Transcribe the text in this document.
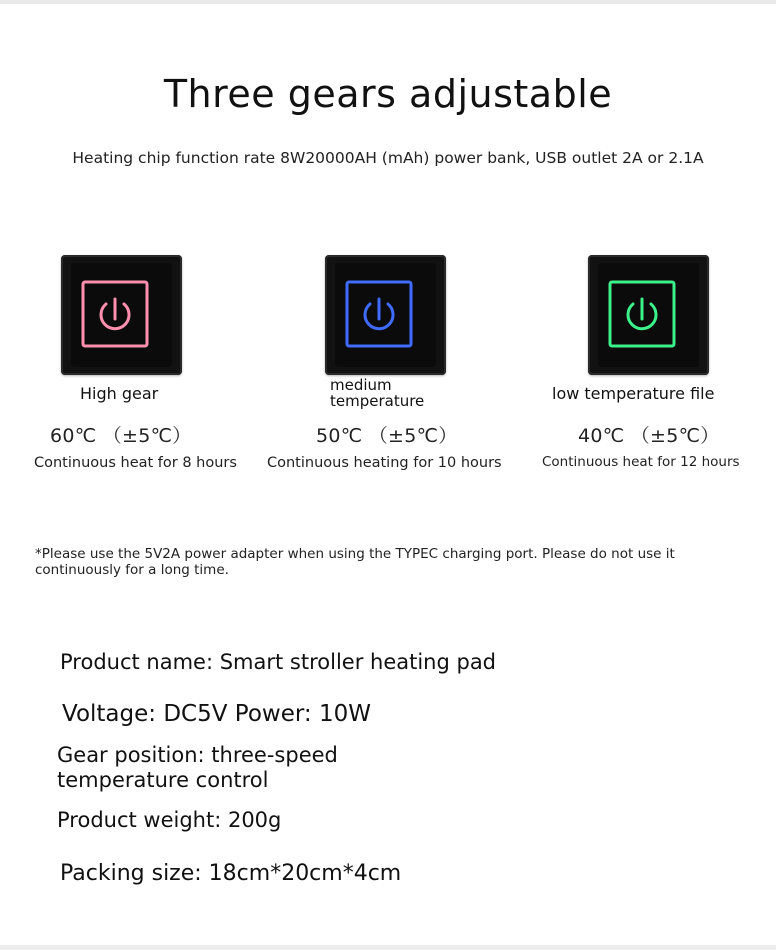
Three gears adjustable
Heating chip function rate 8W20000AH (mAh) power bank, USB outlet 2A or 2.1A
High gear
60℃ （±5℃）
Continuous heat for 8 hours
medium temperature
50℃ （±5℃）
Continuous heating for 10 hours
low temperature file
40℃ （±5℃）
Continuous heat for 12 hours
*Please use the 5V2A power adapter when using the TYPEC charging port. Please do not use it continuously for a long time.
Product name: Smart stroller heating pad
Voltage: DC5V Power: 10W
Gear position: three-speed temperature control
Product weight: 200g
Packing size: 18cm*20cm*4cm
